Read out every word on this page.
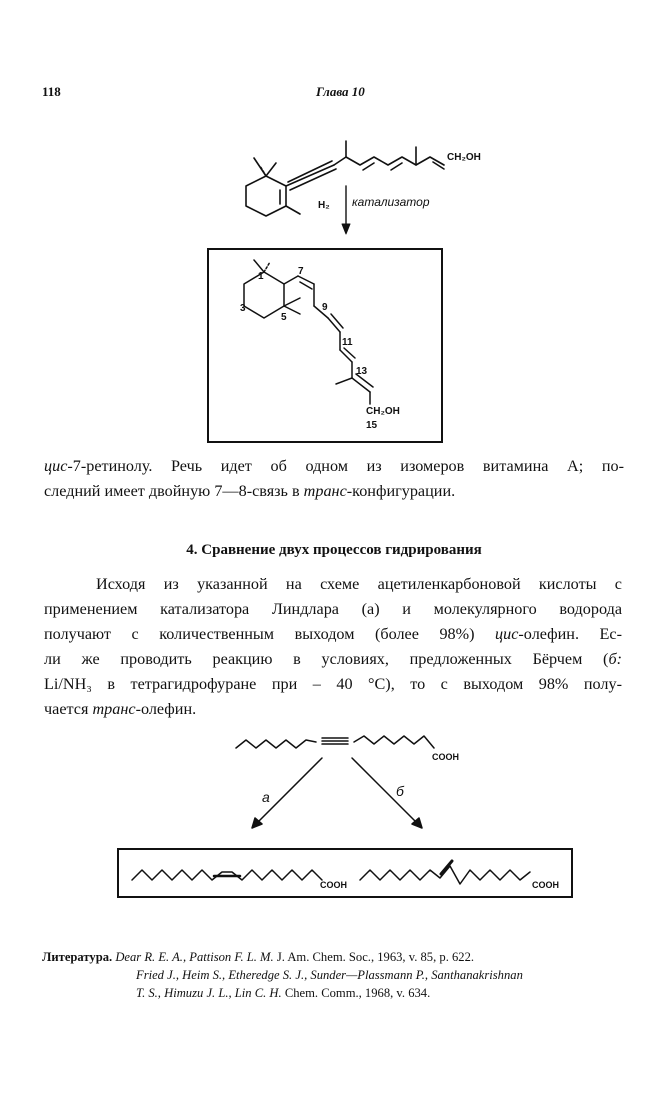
118	Глава 10
CH₂OH
H₂ катализатор
1
3
5
7
9
11
13
CH₂OH
15
цис-7-ретинолу. Речь идет об одном из изомеров витамина А; по-
следний имеет двойную 7—8-связь в транс-конфигурации.
4. Сравнение двух процессов гидрирования
Исходя из указанной на схеме ацетиленкарбоновой кислоты с
применением катализатора Линдлара (а) и молекулярного водорода
получают с количественным выходом (более 98%) цис-олефин. Ес-
ли же проводить реакцию в условиях, предложенных Бёрчем (б:
Li/NH₃ в тетрагидрофуране при – 40 °С), то с выходом 98% полу-
чается транс-олефин.
COOH
а	б
COOH	COOH
Литература. Dear R. E. A., Pattison F. L. M. J. Am. Chem. Soc., 1963, v. 85, p. 622.
Fried J., Heim S., Etheredge S. J., Sunder—Plassmann P., Santhanakrishnan
T. S., Himuzu J. L., Lin C. H. Chem. Comm., 1968, v. 634.
